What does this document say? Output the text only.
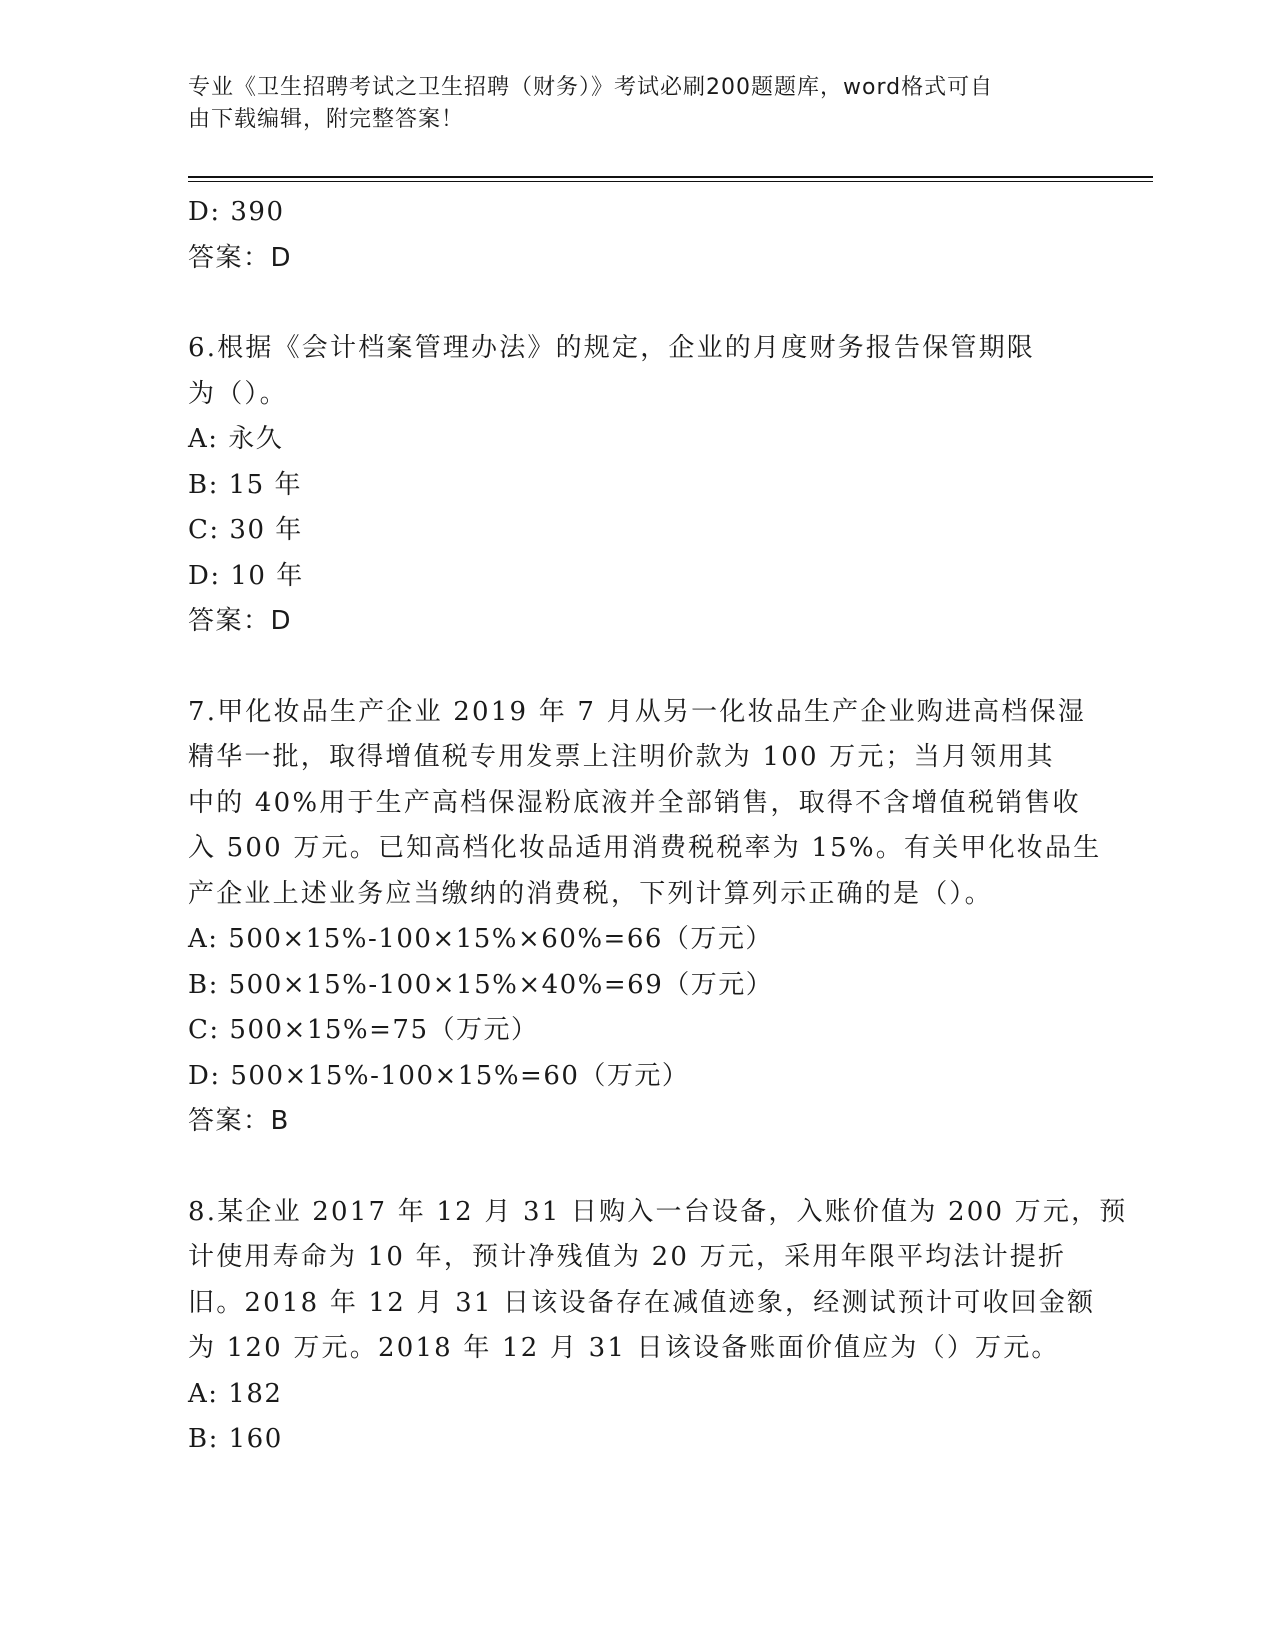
专业《卫生招聘考试之卫生招聘（财务）》考试必刷200题题库，word格式可自
由下载编辑，附完整答案！
D: 390
答案：D
6.根据《会计档案管理办法》的规定，企业的月度财务报告保管期限
为（）。
A: 永久
B: 15 年
C: 30 年
D: 10 年
答案：D
7.甲化妆品生产企业 2019 年 7 月从另一化妆品生产企业购进高档保湿
精华一批，取得增值税专用发票上注明价款为 100 万元；当月领用其
中的 40%用于生产高档保湿粉底液并全部销售，取得不含增值税销售收
入 500 万元。已知高档化妆品适用消费税税率为 15%。有关甲化妆品生
产企业上述业务应当缴纳的消费税，下列计算列示正确的是（）。
A: 500×15%-100×15%×60%=66（万元）
B: 500×15%-100×15%×40%=69（万元）
C: 500×15%=75（万元）
D: 500×15%-100×15%=60（万元）
答案：B
8.某企业 2017 年 12 月 31 日购入一台设备，入账价值为 200 万元，预
计使用寿命为 10 年，预计净残值为 20 万元，采用年限平均法计提折
旧。2018 年 12 月 31 日该设备存在减值迹象，经测试预计可收回金额
为 120 万元。2018 年 12 月 31 日该设备账面价值应为（）万元。
A: 182
B: 160
